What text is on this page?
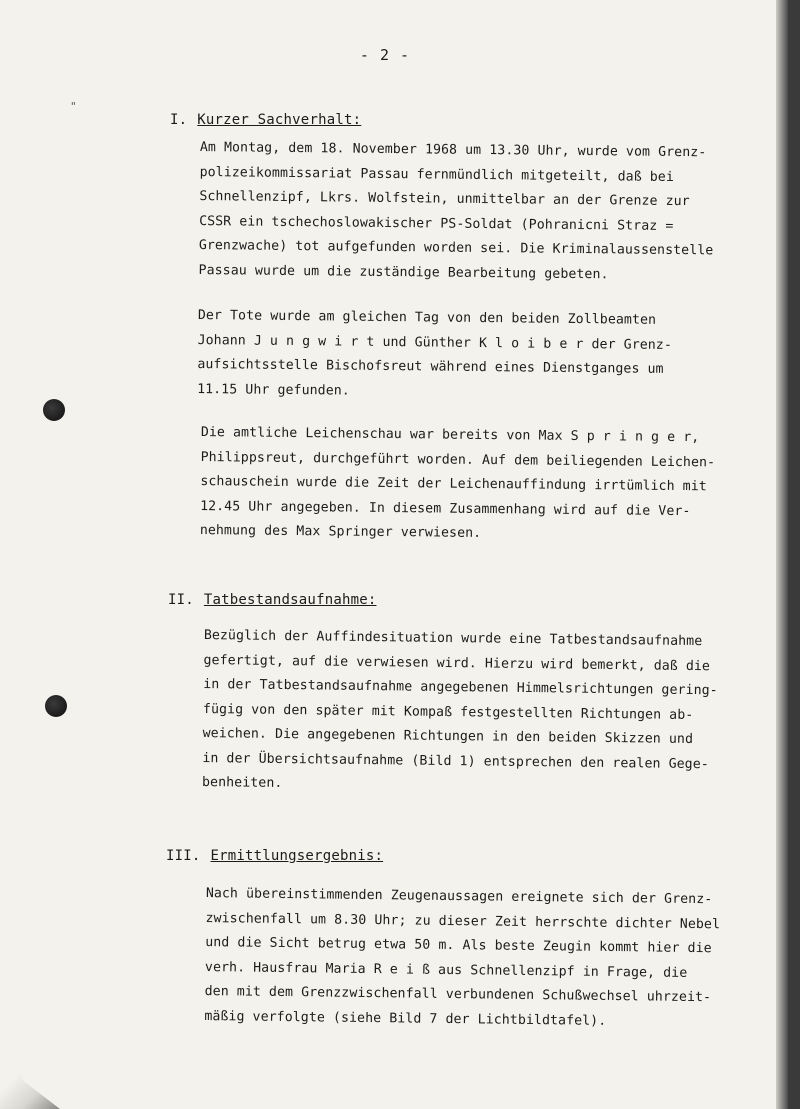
"
- 2 -
I. Kurzer Sachverhalt:
Am Montag, dem 18. November 1968 um 13.30 Uhr, wurde vom Grenz-
polizeikommissariat Passau fernmündlich mitgeteilt, daß bei
Schnellenzipf, Lkrs. Wolfstein, unmittelbar an der Grenze zur
CSSR ein tschechoslowakischer PS-Soldat (Pohranicni Straz =
Grenzwache) tot aufgefunden worden sei. Die Kriminalaussenstelle
Passau wurde um die zuständige Bearbeitung gebeten.
Der Tote wurde am gleichen Tag von den beiden Zollbeamten
Johann J u n g w i r t und Günther K l o i b e r der Grenz-
aufsichtsstelle Bischofsreut während eines Dienstganges um
11.15 Uhr gefunden.
Die amtliche Leichenschau war bereits von Max S p r i n g e r,
Philippsreut, durchgeführt worden. Auf dem beiliegenden Leichen-
schauschein wurde die Zeit der Leichenauffindung irrtümlich mit
12.45 Uhr angegeben. In diesem Zusammenhang wird auf die Ver-
nehmung des Max Springer verwiesen.
II. Tatbestandsaufnahme:
Bezüglich der Auffindesituation wurde eine Tatbestandsaufnahme
gefertigt, auf die verwiesen wird. Hierzu wird bemerkt, daß die
in der Tatbestandsaufnahme angegebenen Himmelsrichtungen gering-
fügig von den später mit Kompaß festgestellten Richtungen ab-
weichen. Die angegebenen Richtungen in den beiden Skizzen und
in der Übersichtsaufnahme (Bild 1) entsprechen den realen Gege-
benheiten.
III. Ermittlungsergebnis:
Nach übereinstimmenden Zeugenaussagen ereignete sich der Grenz-
zwischenfall um 8.30 Uhr; zu dieser Zeit herrschte dichter Nebel
und die Sicht betrug etwa 50 m. Als beste Zeugin kommt hier die
verh. Hausfrau Maria R e i ß aus Schnellenzipf in Frage, die
den mit dem Grenzzwischenfall verbundenen Schußwechsel uhrzeit-
mäßig verfolgte (siehe Bild 7 der Lichtbildtafel).
